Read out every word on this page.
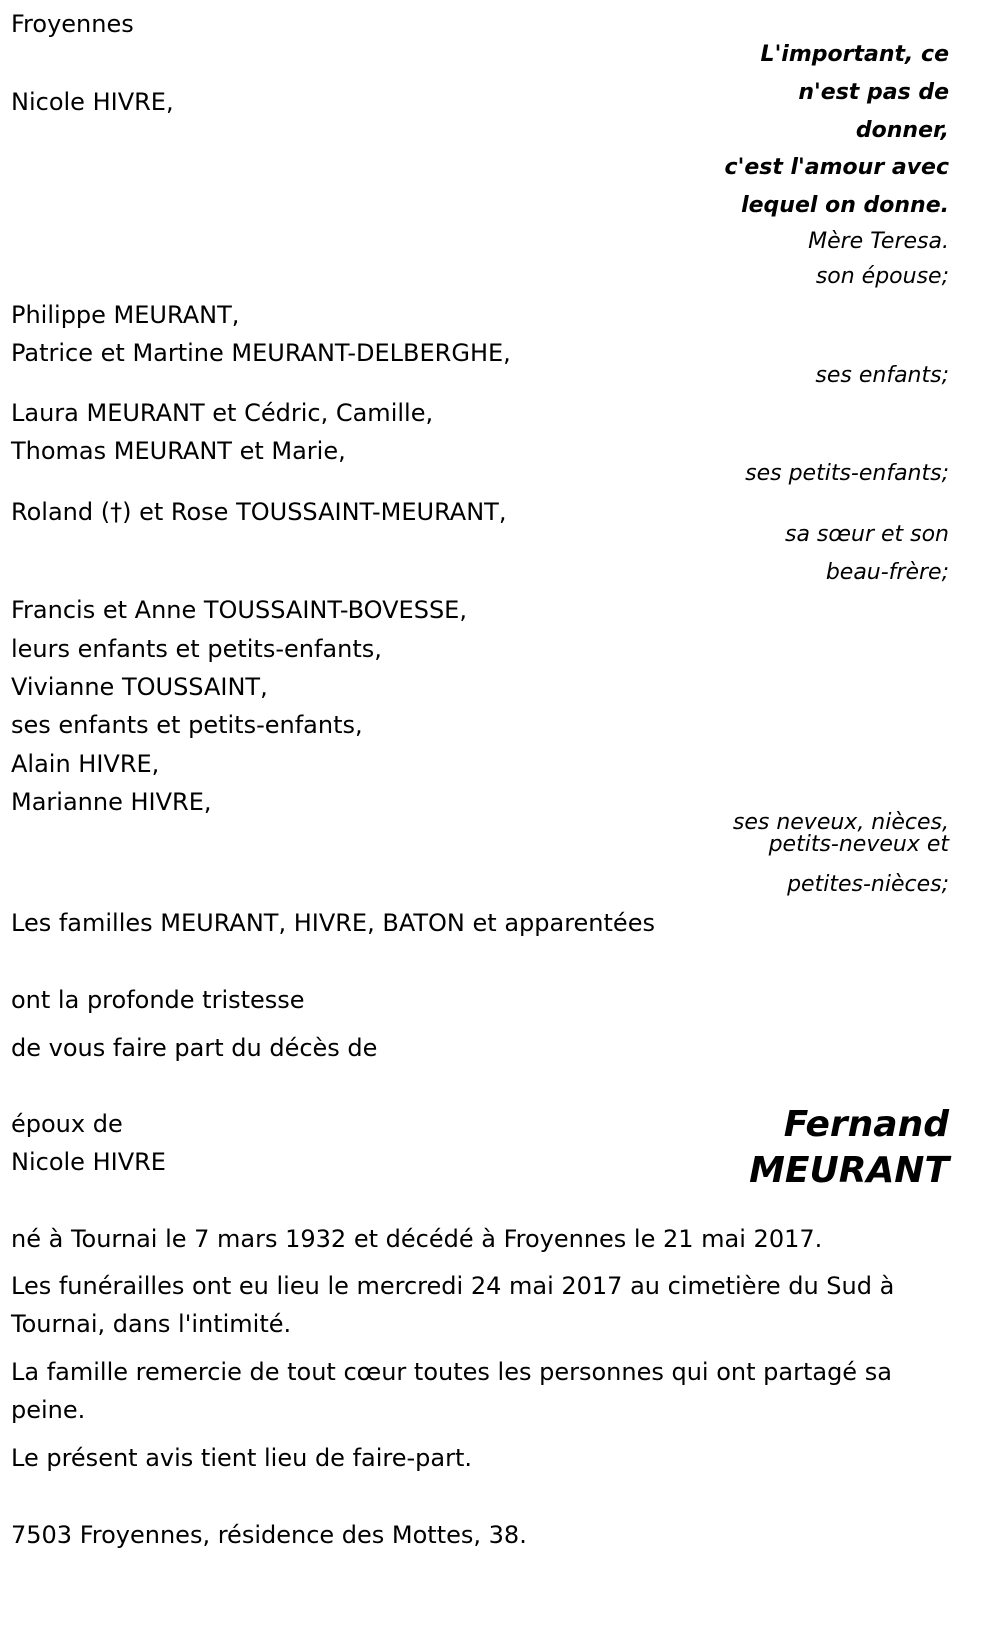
Froyennes
L'important, ce
n'est pas de
donner,
c'est l'amour avec
lequel on donne.
Mère Teresa.
Nicole HIVRE,
son épouse;
Philippe MEURANT,
Patrice et Martine MEURANT-DELBERGHE,
ses enfants;
Laura MEURANT et Cédric, Camille,
Thomas MEURANT et Marie,
ses petits-enfants;
Roland (†) et Rose TOUSSAINT-MEURANT,
sa sœur et son
beau-frère;
Francis et Anne TOUSSAINT-BOVESSE,
leurs enfants et petits-enfants,
Vivianne TOUSSAINT,
ses enfants et petits-enfants,
Alain HIVRE,
Marianne HIVRE,
ses neveux, nièces,
petits-neveux et
petites-nièces;
Les familles MEURANT, HIVRE, BATON et apparentées
ont la profonde tristesse
de vous faire part du décès de
époux de
Nicole HIVRE
Fernand
MEURANT
né à Tournai le 7 mars 1932 et décédé à Froyennes le 21 mai 2017.
Les funérailles ont eu lieu le mercredi 24 mai 2017 au cimetière du Sud à Tournai, dans l'intimité.
La famille remercie de tout cœur toutes les personnes qui ont partagé sa peine.
Le présent avis tient lieu de faire-part.
7503 Froyennes, résidence des Mottes, 38.
